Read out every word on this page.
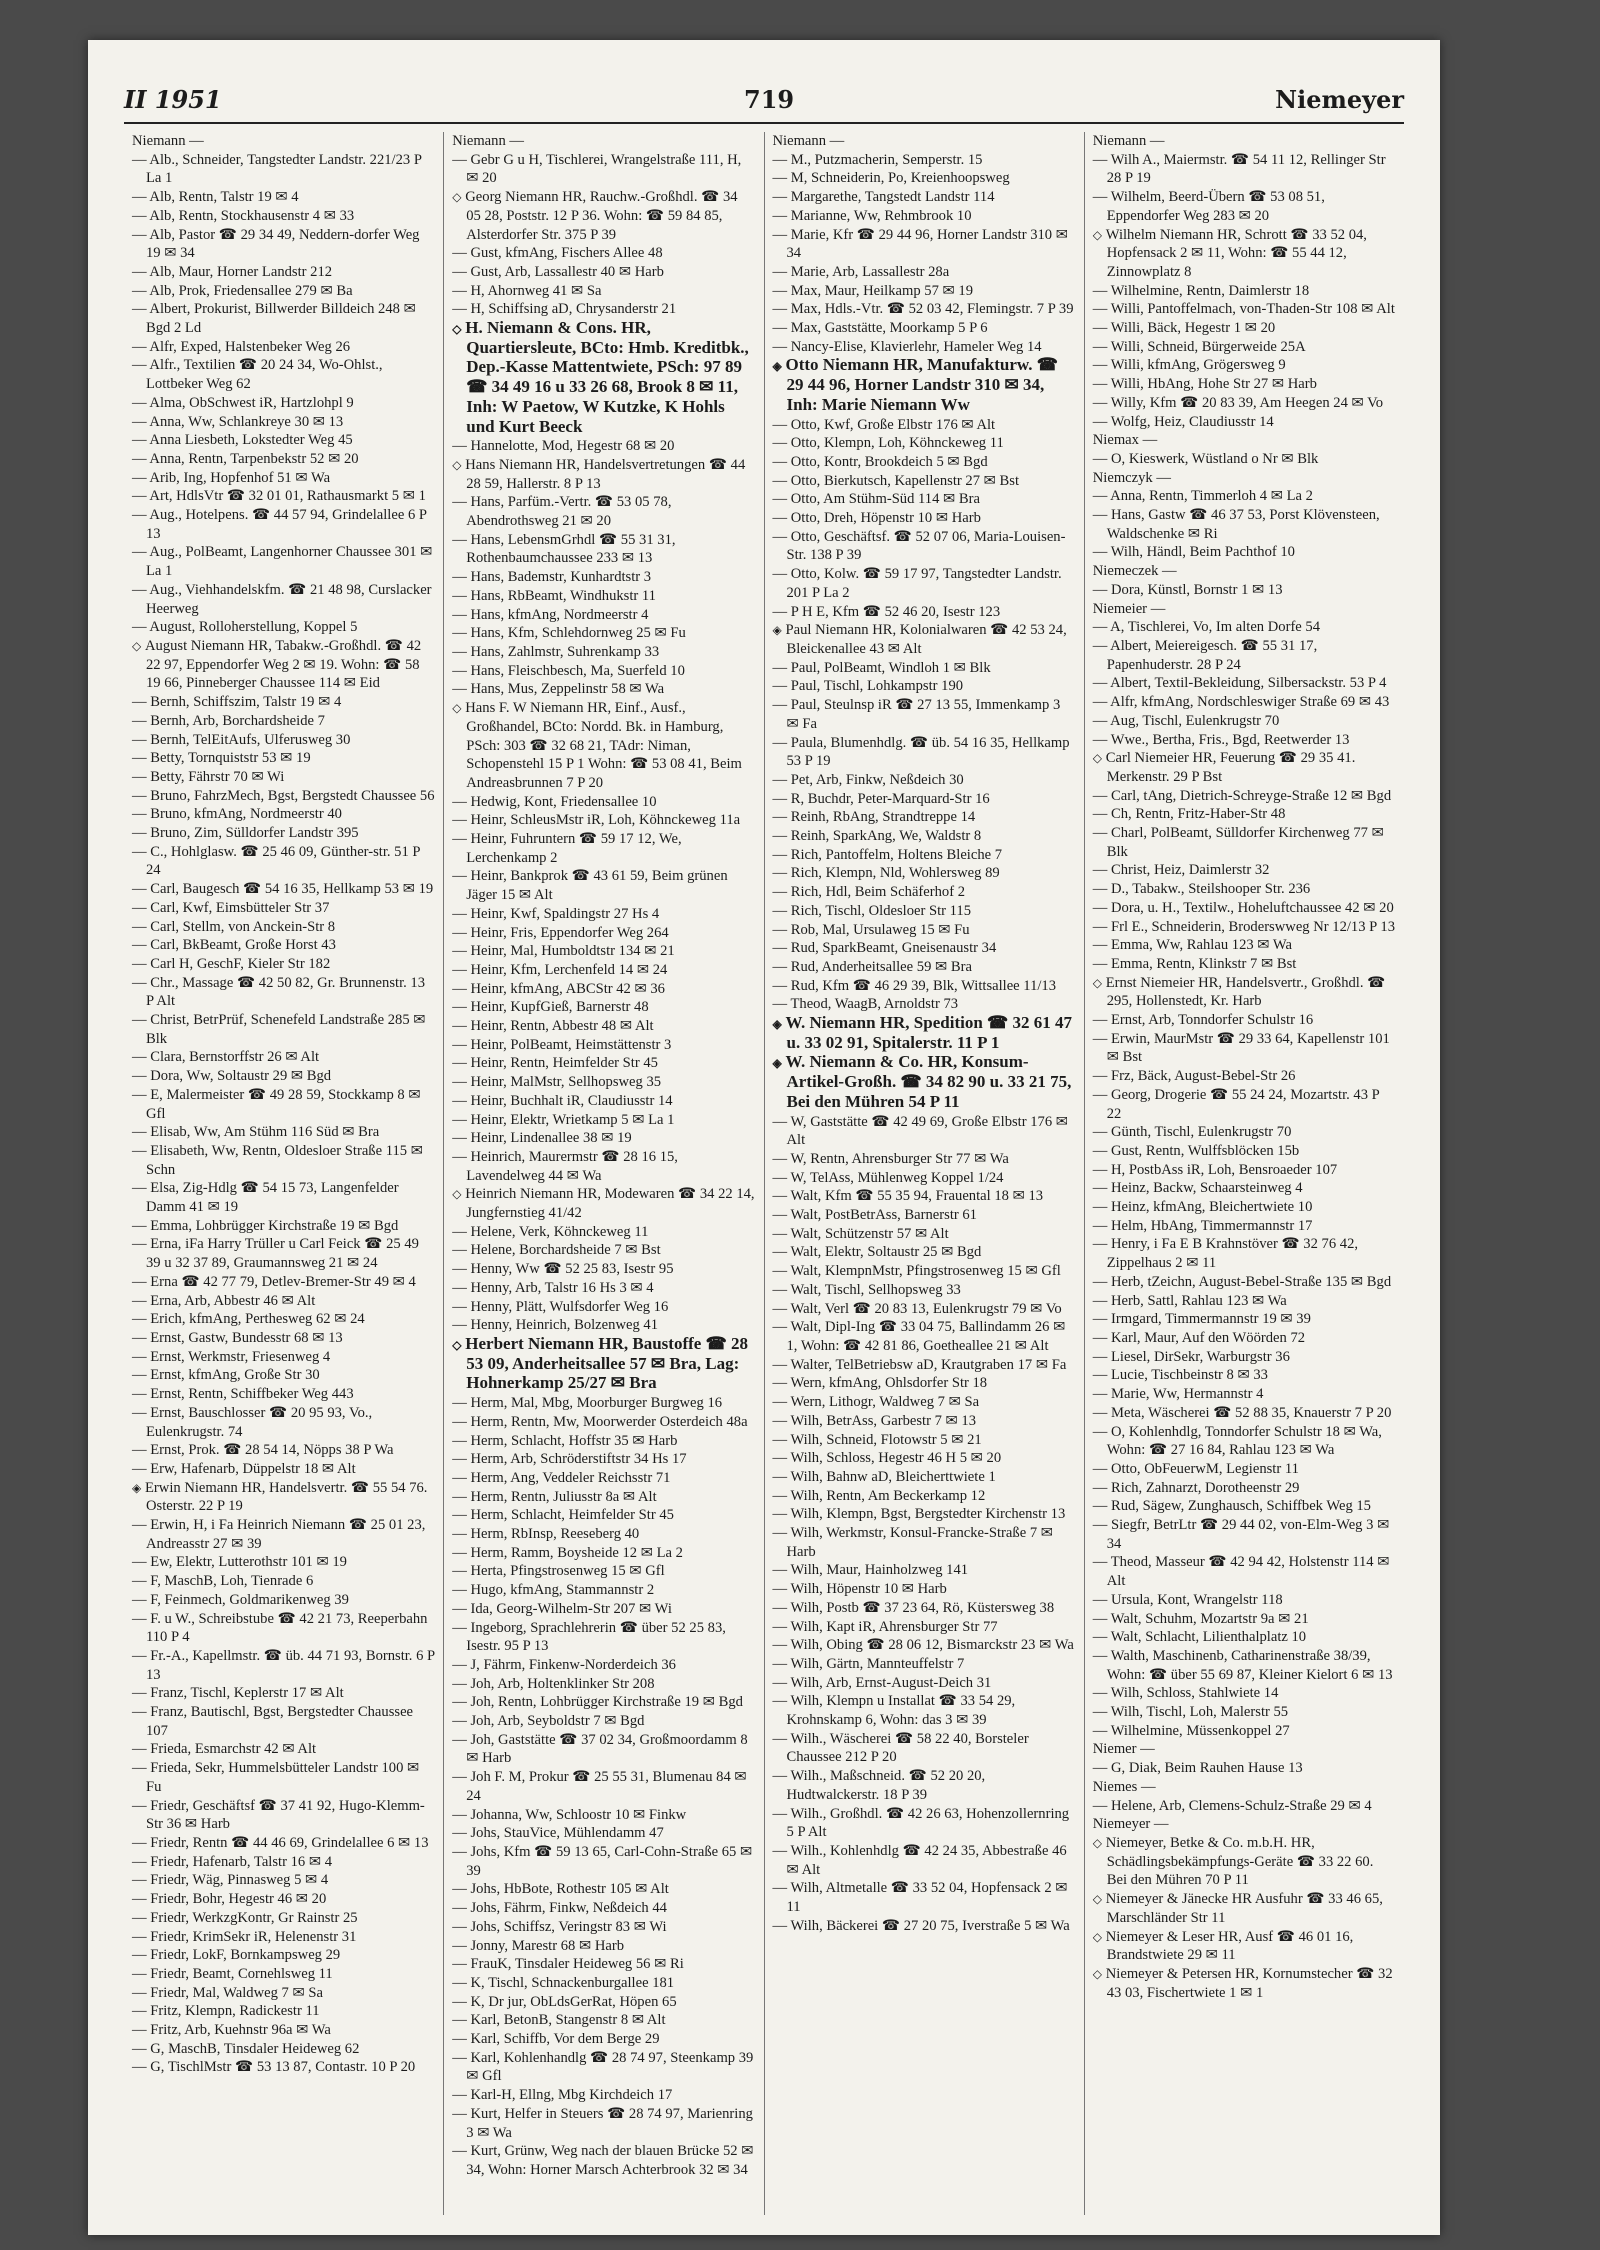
II 1951	719	Niemeyer

Niemann —

— Alb., Schneider, Tangstedter Landstr. 221/23 P La 1

— Alb, Rentn, Talstr 19 ✉ 4

— Alb, Rentn, Stockhausenstr 4 ✉ 33

— Alb, Pastor ☎ 29 34 49, Neddern-dorfer Weg 19 ✉ 34

— Alb, Maur, Horner Landstr 212

— Alb, Prok, Friedensallee 279 ✉ Ba

— Albert, Prokurist, Billwerder Billdeich 248 ✉ Bgd 2 Ld

— Alfr, Exped, Halstenbeker Weg 26

— Alfr., Textilien ☎ 20 24 34, Wo-Ohlst., Lottbeker Weg 62

— Alma, ObSchwest iR, Hartzlohpl 9

— Anna, Ww, Schlankreye 30 ✉ 13

— Anna Liesbeth, Lokstedter Weg 45

— Anna, Rentn, Tarpenbekstr 52 ✉ 20

— Arib, Ing, Hopfenhof 51 ✉ Wa

— Art, HdlsVtr ☎ 32 01 01, Rathausmarkt 5 ✉ 1

— Aug., Hotelpens. ☎ 44 57 94, Grindelallee 6 P 13

— Aug., PolBeamt, Langenhorner Chaussee 301 ✉ La 1

— Aug., Viehhandelskfm. ☎ 21 48 98, Curslacker Heerweg

— August, Rolloherstellung, Koppel 5

◇ August Niemann HR, Tabakw.-Großhdl. ☎ 42 22 97, Eppendorfer Weg 2 ✉ 19. Wohn: ☎ 58 19 66, Pinneberger Chaussee 114 ✉ Eid

— Bernh, Schiffszim, Talstr 19 ✉ 4

— Bernh, Arb, Borchardsheide 7

— Bernh, TelEitAufs, Ulferusweg 30

— Betty, Tornquiststr 53 ✉ 19

— Betty, Fährstr 70 ✉ Wi

— Bruno, FahrzMech, Bgst, Bergstedt Chaussee 56

— Bruno, kfmAng, Nordmeerstr 40

— Bruno, Zim, Sülldorfer Landstr 395

— C., Hohlglasw. ☎ 25 46 09, Günther-str. 51 P 24

— Carl, Baugesch ☎ 54 16 35, Hellkamp 53 ✉ 19

— Carl, Kwf, Eimsbütteler Str 37

— Carl, Stellm, von Anckein-Str 8

— Carl, BkBeamt, Große Horst 43

— Carl H, GeschF, Kieler Str 182

— Chr., Massage ☎ 42 50 82, Gr. Brunnenstr. 13 P Alt

— Christ, BetrPrüf, Schenefeld Landstraße 285 ✉ Blk

— Clara, Bernstorffstr 26 ✉ Alt

— Dora, Ww, Soltaustr 29 ✉ Bgd

— E, Malermeister ☎ 49 28 59, Stockkamp 8 ✉ Gfl

— Elisab, Ww, Am Stühm 116 Süd ✉ Bra

— Elisabeth, Ww, Rentn, Oldesloer Straße 115 ✉ Schn

— Elsa, Zig-Hdlg ☎ 54 15 73, Langenfelder Damm 41 ✉ 19

— Emma, Lohbrügger Kirchstraße 19 ✉ Bgd

— Erna, iFa Harry Trüller u Carl Feick ☎ 25 49 39 u 32 37 89, Graumannsweg 21 ✉ 24

— Erna ☎ 42 77 79, Detlev-Bremer-Str 49 ✉ 4

— Erna, Arb, Abbestr 46 ✉ Alt

— Erich, kfmAng, Perthesweg 62 ✉ 24

— Ernst, Gastw, Bundesstr 68 ✉ 13

— Ernst, Werkmstr, Friesenweg 4

— Ernst, kfmAng, Große Str 30

— Ernst, Rentn, Schiffbeker Weg 443

— Ernst, Bauschlosser ☎ 20 95 93, Vo., Eulenkrugstr. 74

— Ernst, Prok. ☎ 28 54 14, Nöpps 38 P Wa

— Erw, Hafenarb, Düppelstr 18 ✉ Alt

◈ Erwin Niemann HR, Handelsvertr. ☎ 55 54 76. Osterstr. 22 P 19

— Erwin, H, i Fa Heinrich Niemann ☎ 25 01 23, Andreasstr 27 ✉ 39

— Ew, Elektr, Lutterothstr 101 ✉ 19

— F, MaschB, Loh, Tienrade 6

— F, Feinmech, Goldmarikenweg 39

— F. u W., Schreibstube ☎ 42 21 73, Reeperbahn 110 P 4

— Fr.-A., Kapellmstr. ☎ üb. 44 71 93, Bornstr. 6 P 13

— Franz, Tischl, Keplerstr 17 ✉ Alt

— Franz, Bautischl, Bgst, Bergstedter Chaussee 107

— Frieda, Esmarchstr 42 ✉ Alt

— Frieda, Sekr, Hummelsbütteler Landstr 100 ✉ Fu

— Friedr, Geschäftsf ☎ 37 41 92, Hugo-Klemm-Str 36 ✉ Harb

— Friedr, Rentn ☎ 44 46 69, Grindelallee 6 ✉ 13

— Friedr, Hafenarb, Talstr 16 ✉ 4

— Friedr, Wäg, Pinnasweg 5 ✉ 4

— Friedr, Bohr, Hegestr 46 ✉ 20

— Friedr, WerkzgKontr, Gr Rainstr 25

— Friedr, KrimSekr iR, Helenenstr 31

— Friedr, LokF, Bornkampsweg 29

— Friedr, Beamt, Cornehlsweg 11

— Friedr, Mal, Waldweg 7 ✉ Sa

— Fritz, Klempn, Radickestr 11

— Fritz, Arb, Kuehnstr 96a ✉ Wa

— G, MaschB, Tinsdaler Heideweg 62

— G, TischlMstr ☎ 53 13 87, Contastr. 10 P 20

Niemann —

— Gebr G u H, Tischlerei, Wrangelstraße 111, H, ✉ 20

◇ Georg Niemann HR, Rauchw.-Großhdl. ☎ 34 05 28, Poststr. 12 P 36. Wohn: ☎ 59 84 85, Alsterdorfer Str. 375 P 39

— Gust, kfmAng, Fischers Allee 48

— Gust, Arb, Lassallestr 40 ✉ Harb

— H, Ahornweg 41 ✉ Sa

— H, Schiffsing aD, Chrysanderstr 21

◇ H. Niemann & Cons. HR, Quartiersleute, BCto: Hmb. Kreditbk., Dep.-Kasse Mattentwiete, PSch: 97 89 ☎ 34 49 16 u 33 26 68, Brook 8 ✉ 11, Inh: W Paetow, W Kutzke, K Hohls und Kurt Beeck

— Hannelotte, Mod, Hegestr 68 ✉ 20

◇ Hans Niemann HR, Handelsvertretungen ☎ 44 28 59, Hallerstr. 8 P 13

— Hans, Parfüm.-Vertr. ☎ 53 05 78, Abendrothsweg 21 ✉ 20

— Hans, LebensmGrhdl ☎ 55 31 31, Rothenbaumchaussee 233 ✉ 13

— Hans, Bademstr, Kunhardtstr 3

— Hans, RbBeamt, Windhukstr 11

— Hans, kfmAng, Nordmeerstr 4

— Hans, Kfm, Schlehdornweg 25 ✉ Fu

— Hans, Zahlmstr, Suhrenkamp 33

— Hans, Fleischbesch, Ma, Suerfeld 10

— Hans, Mus, Zeppelinstr 58 ✉ Wa

◇ Hans F. W Niemann HR, Einf., Ausf., Großhandel, BCto: Nordd. Bk. in Hamburg, PSch: 303 ☎ 32 68 21, TAdr: Niman, Schopenstehl 15 P 1 Wohn: ☎ 53 08 41, Beim Andreasbrunnen 7 P 20

— Hedwig, Kont, Friedensallee 10

— Heinr, SchleusMstr iR, Loh, Köhnckeweg 11a

— Heinr, Fuhruntern ☎ 59 17 12, We, Lerchenkamp 2

— Heinr, Bankprok ☎ 43 61 59, Beim grünen Jäger 15 ✉ Alt

— Heinr, Kwf, Spaldingstr 27 Hs 4

— Heinr, Fris, Eppendorfer Weg 264

— Heinr, Mal, Humboldtstr 134 ✉ 21

— Heinr, Kfm, Lerchenfeld 14 ✉ 24

— Heinr, kfmAng, ABCStr 42 ✉ 36

— Heinr, KupfGieß, Barnerstr 48

— Heinr, Rentn, Abbestr 48 ✉ Alt

— Heinr, PolBeamt, Heimstättenstr 3

— Heinr, Rentn, Heimfelder Str 45

— Heinr, MalMstr, Sellhopsweg 35

— Heinr, Buchhalt iR, Claudiusstr 14

— Heinr, Elektr, Wrietkamp 5 ✉ La 1

— Heinr, Lindenallee 38 ✉ 19

— Heinrich, Maurermstr ☎ 28 16 15, Lavendelweg 44 ✉ Wa

◇ Heinrich Niemann HR, Modewaren ☎ 34 22 14, Jungfernstieg 41/42

— Helene, Verk, Köhnckeweg 11

— Helene, Borchardsheide 7 ✉ Bst

— Henny, Ww ☎ 52 25 83, Isestr 95

— Henny, Arb, Talstr 16 Hs 3 ✉ 4

— Henny, Plätt, Wulfsdorfer Weg 16

— Henny, Heinrich, Bolzenweg 41

◇ Herbert Niemann HR, Baustoffe ☎ 28 53 09, Anderheitsallee 57 ✉ Bra, Lag: Hohnerkamp 25/27 ✉ Bra

— Herm, Mal, Mbg, Moorburger Burgweg 16

— Herm, Rentn, Mw, Moorwerder Osterdeich 48a

— Herm, Schlacht, Hoffstr 35 ✉ Harb

— Herm, Arb, Schröderstiftstr 34 Hs 17

— Herm, Ang, Veddeler Reichsstr 71

— Herm, Rentn, Juliusstr 8a ✉ Alt

— Herm, Schlacht, Heimfelder Str 45

— Herm, RbInsp, Reeseberg 40

— Herm, Ramm, Boysheide 12 ✉ La 2

— Herta, Pfingstrosenweg 15 ✉ Gfl

— Hugo, kfmAng, Stammannstr 2

— Ida, Georg-Wilhelm-Str 207 ✉ Wi

— Ingeborg, Sprachlehrerin ☎ über 52 25 83, Isestr. 95 P 13

— J, Fährm, Finkenw-Norderdeich 36

— Joh, Arb, Holtenklinker Str 208

— Joh, Rentn, Lohbrügger Kirchstraße 19 ✉ Bgd

— Joh, Arb, Seyboldstr 7 ✉ Bgd

— Joh, Gaststätte ☎ 37 02 34, Großmoordamm 8 ✉ Harb

— Joh F. M, Prokur ☎ 25 55 31, Blumenau 84 ✉ 24

— Johanna, Ww, Schloostr 10 ✉ Finkw

— Johs, StauVice, Mühlendamm 47

— Johs, Kfm ☎ 59 13 65, Carl-Cohn-Straße 65 ✉ 39

— Johs, HbBote, Rothestr 105 ✉ Alt

— Johs, Fährm, Finkw, Neßdeich 44

— Johs, Schiffsz, Veringstr 83 ✉ Wi

— Jonny, Marestr 68 ✉ Harb

— FrauK, Tinsdaler Heideweg 56 ✉ Ri

— K, Tischl, Schnackenburgallee 181

— K, Dr jur, ObLdsGerRat, Höpen 65

— Karl, BetonB, Stangenstr 8 ✉ Alt

— Karl, Schiffb, Vor dem Berge 29

— Karl, Kohlenhandlg ☎ 28 74 97, Steenkamp 39 ✉ Gfl

— Karl-H, Ellng, Mbg Kirchdeich 17

— Kurt, Helfer in Steuers ☎ 28 74 97, Marienring 3 ✉ Wa

— Kurt, Grünw, Weg nach der blauen Brücke 52 ✉ 34, Wohn: Horner Marsch Achterbrook 32 ✉ 34

Niemann —

— M., Putzmacherin, Semperstr. 15

— M, Schneiderin, Po, Kreienhoopsweg

— Margarethe, Tangstedt Landstr 114

— Marianne, Ww, Rehmbrook 10

— Marie, Kfr ☎ 29 44 96, Horner Landstr 310 ✉ 34

— Marie, Arb, Lassallestr 28a

— Max, Maur, Heilkamp 57 ✉ 19

— Max, Hdls.-Vtr. ☎ 52 03 42, Flemingstr. 7 P 39

— Max, Gaststätte, Moorkamp 5 P 6

— Nancy-Elise, Klavierlehr, Hameler Weg 14

◈ Otto Niemann HR, Manufakturw. ☎ 29 44 96, Horner Landstr 310 ✉ 34, Inh: Marie Niemann Ww

— Otto, Kwf, Große Elbstr 176 ✉ Alt

— Otto, Klempn, Loh, Köhnckeweg 11

— Otto, Kontr, Brookdeich 5 ✉ Bgd

— Otto, Bierkutsch, Kapellenstr 27 ✉ Bst

— Otto, Am Stühm-Süd 114 ✉ Bra

— Otto, Dreh, Höpenstr 10 ✉ Harb

— Otto, Geschäftsf. ☎ 52 07 06, Maria-Louisen-Str. 138 P 39

— Otto, Kolw. ☎ 59 17 97, Tangstedter Landstr. 201 P La 2

— P H E, Kfm ☎ 52 46 20, Isestr 123

◈ Paul Niemann HR, Kolonialwaren ☎ 42 53 24, Bleickenallee 43 ✉ Alt

— Paul, PolBeamt, Windloh 1 ✉ Blk

— Paul, Tischl, Lohkampstr 190

— Paul, Steulnsp iR ☎ 27 13 55, Immenkamp 3 ✉ Fa

— Paula, Blumenhdlg. ☎ üb. 54 16 35, Hellkamp 53 P 19

— Pet, Arb, Finkw, Neßdeich 30

— R, Buchdr, Peter-Marquard-Str 16

— Reinh, RbAng, Strandtreppe 14

— Reinh, SparkAng, We, Waldstr 8

— Rich, Pantoffelm, Holtens Bleiche 7

— Rich, Klempn, Nld, Wohlersweg 89

— Rich, Hdl, Beim Schäferhof 2

— Rich, Tischl, Oldesloer Str 115

— Rob, Mal, Ursulaweg 15 ✉ Fu

— Rud, SparkBeamt, Gneisenaustr 34

— Rud, Anderheitsallee 59 ✉ Bra

— Rud, Kfm ☎ 46 29 39, Blk, Wittsallee 11/13

— Theod, WaagB, Arnoldstr 73

◈ W. Niemann HR, Spedition ☎ 32 61 47 u. 33 02 91, Spitalerstr. 11 P 1

◈ W. Niemann & Co. HR, Konsum-Artikel-Großh. ☎ 34 82 90 u. 33 21 75, Bei den Mühren 54 P 11

— W, Gaststätte ☎ 42 49 69, Große Elbstr 176 ✉ Alt

— W, Rentn, Ahrensburger Str 77 ✉ Wa

— W, TelAss, Mühlenweg Koppel 1/24

— Walt, Kfm ☎ 55 35 94, Frauental 18 ✉ 13

— Walt, PostBetrAss, Barnerstr 61

— Walt, Schützenstr 57 ✉ Alt

— Walt, Elektr, Soltaustr 25 ✉ Bgd

— Walt, KlempnMstr, Pfingstrosenweg 15 ✉ Gfl

— Walt, Tischl, Sellhopsweg 33

— Walt, Verl ☎ 20 83 13, Eulenkrugstr 79 ✉ Vo

— Walt, Dipl-Ing ☎ 33 04 75, Ballindamm 26 ✉ 1, Wohn: ☎ 42 81 86, Goetheallee 21 ✉ Alt

— Walter, TelBetriebsw aD, Krautgraben 17 ✉ Fa

— Wern, kfmAng, Ohlsdorfer Str 18

— Wern, Lithogr, Waldweg 7 ✉ Sa

— Wilh, BetrAss, Garbestr 7 ✉ 13

— Wilh, Schneid, Flotowstr 5 ✉ 21

— Wilh, Schloss, Hegestr 46 H 5 ✉ 20

— Wilh, Bahnw aD, Bleicherttwiete 1

— Wilh, Rentn, Am Beckerkamp 12

— Wilh, Klempn, Bgst, Bergstedter Kirchenstr 13

— Wilh, Werkmstr, Konsul-Francke-Straße 7 ✉ Harb

— Wilh, Maur, Hainholzweg 141

— Wilh, Höpenstr 10 ✉ Harb

— Wilh, Postb ☎ 37 23 64, Rö, Küstersweg 38

— Wilh, Kapt iR, Ahrensburger Str 77

— Wilh, Obing ☎ 28 06 12, Bismarckstr 23 ✉ Wa

— Wilh, Gärtn, Mannteuffelstr 7

— Wilh, Arb, Ernst-August-Deich 31

— Wilh, Klempn u Installat ☎ 33 54 29, Krohnskamp 6, Wohn: das 3 ✉ 39

— Wilh., Wäscherei ☎ 58 22 40, Borsteler Chaussee 212 P 20

— Wilh., Maßschneid. ☎ 52 20 20, Hudtwalckerstr. 18 P 39

— Wilh., Großhdl. ☎ 42 26 63, Hohenzollernring 5 P Alt

— Wilh., Kohlenhdlg ☎ 42 24 35, Abbestraße 46 ✉ Alt

— Wilh, Altmetalle ☎ 33 52 04, Hopfensack 2 ✉ 11

— Wilh, Bäckerei ☎ 27 20 75, Iverstraße 5 ✉ Wa

Niemann —

— Wilh A., Maiermstr. ☎ 54 11 12, Rellinger Str 28 P 19

— Wilhelm, Beerd-Übern ☎ 53 08 51, Eppendorfer Weg 283 ✉ 20

◇ Wilhelm Niemann HR, Schrott ☎ 33 52 04, Hopfensack 2 ✉ 11, Wohn: ☎ 55 44 12, Zinnowplatz 8

— Wilhelmine, Rentn, Daimlerstr 18

— Willi, Pantoffelmach, von-Thaden-Str 108 ✉ Alt

— Willi, Bäck, Hegestr 1 ✉ 20

— Willi, Schneid, Bürgerweide 25A

— Willi, kfmAng, Grögersweg 9

— Willi, HbAng, Hohe Str 27 ✉ Harb

— Willy, Kfm ☎ 20 83 39, Am Heegen 24 ✉ Vo

— Wolfg, Heiz, Claudiusstr 14

Niemax —

— O, Kieswerk, Wüstland o Nr ✉ Blk

Niemczyk —

— Anna, Rentn, Timmerloh 4 ✉ La 2

— Hans, Gastw ☎ 46 37 53, Porst Klövensteen, Waldschenke ✉ Ri

— Wilh, Händl, Beim Pachthof 10

Niemeczek —

— Dora, Künstl, Bornstr 1 ✉ 13

Niemeier —

— A, Tischlerei, Vo, Im alten Dorfe 54

— Albert, Meiereigesch. ☎ 55 31 17, Papenhuderstr. 28 P 24

— Albert, Textil-Bekleidung, Silbersackstr. 53 P 4

— Alfr, kfmAng, Nordschleswiger Straße 69 ✉ 43

— Aug, Tischl, Eulenkrugstr 70

— Wwe., Bertha, Fris., Bgd, Reetwerder 13

◇ Carl Niemeier HR, Feuerung ☎ 29 35 41. Merkenstr. 29 P Bst

— Carl, tAng, Dietrich-Schreyge-Straße 12 ✉ Bgd

— Ch, Rentn, Fritz-Haber-Str 48

— Charl, PolBeamt, Sülldorfer Kirchenweg 77 ✉ Blk

— Christ, Heiz, Daimlerstr 32

— D., Tabakw., Steilshooper Str. 236

— Dora, u. H., Textilw., Hoheluftchaussee 42 ✉ 20

— Frl E., Schneiderin, Broderswweg Nr 12/13 P 13

— Emma, Ww, Rahlau 123 ✉ Wa

— Emma, Rentn, Klinkstr 7 ✉ Bst

◇ Ernst Niemeier HR, Handelsvertr., Großhdl. ☎ 295, Hollenstedt, Kr. Harb

— Ernst, Arb, Tonndorfer Schulstr 16

— Erwin, MaurMstr ☎ 29 33 64, Kapellenstr 101 ✉ Bst

— Frz, Bäck, August-Bebel-Str 26

— Georg, Drogerie ☎ 55 24 24, Mozartstr. 43 P 22

— Günth, Tischl, Eulenkrugstr 70

— Gust, Rentn, Wulffsblöcken 15b

— H, PostbAss iR, Loh, Bensroaeder 107

— Heinz, Backw, Schaarsteinweg 4

— Heinz, kfmAng, Bleichertwiete 10

— Helm, HbAng, Timmermannstr 17

— Henry, i Fa E B Krahnstöver ☎ 32 76 42, Zippelhaus 2 ✉ 11

— Herb, tZeichn, August-Bebel-Straße 135 ✉ Bgd

— Herb, Sattl, Rahlau 123 ✉ Wa

— Irmgard, Timmermannstr 19 ✉ 39

— Karl, Maur, Auf den Wöörden 72

— Liesel, DirSekr, Warburgstr 36

— Lucie, Tischbeinstr 8 ✉ 33

— Marie, Ww, Hermannstr 4

— Meta, Wäscherei ☎ 52 88 35, Knauerstr 7 P 20

— O, Kohlenhdlg, Tonndorfer Schulstr 18 ✉ Wa, Wohn: ☎ 27 16 84, Rahlau 123 ✉ Wa

— Otto, ObFeuerwM, Legienstr 11

— Rich, Zahnarzt, Dorotheenstr 29

— Rud, Sägew, Zunghausch, Schiffbek Weg 15

— Siegfr, BetrLtr ☎ 29 44 02, von-Elm-Weg 3 ✉ 34

— Theod, Masseur ☎ 42 94 42, Holstenstr 114 ✉ Alt

— Ursula, Kont, Wrangelstr 118

— Walt, Schuhm, Mozartstr 9a ✉ 21

— Walt, Schlacht, Lilienthalplatz 10

— Walth, Maschinenb, Catharinenstraße 38/39, Wohn: ☎ über 55 69 87, Kleiner Kielort 6 ✉ 13

— Wilh, Schloss, Stahlwiete 14

— Wilh, Tischl, Loh, Malerstr 55

— Wilhelmine, Müssenkoppel 27

Niemer —

— G, Diak, Beim Rauhen Hause 13

Niemes —

— Helene, Arb, Clemens-Schulz-Straße 29 ✉ 4

Niemeyer —

◇ Niemeyer, Betke & Co. m.b.H. HR, Schädlingsbekämpfungs-Geräte ☎ 33 22 60. Bei den Mühren 70 P 11

◇ Niemeyer & Jänecke HR Ausfuhr ☎ 33 46 65, Marschländer Str 11

◇ Niemeyer & Leser HR, Ausf ☎ 46 01 16, Brandstwiete 29 ✉ 11

◇ Niemeyer & Petersen HR, Kornumstecher ☎ 32 43 03, Fischertwiete 1 ✉ 1
